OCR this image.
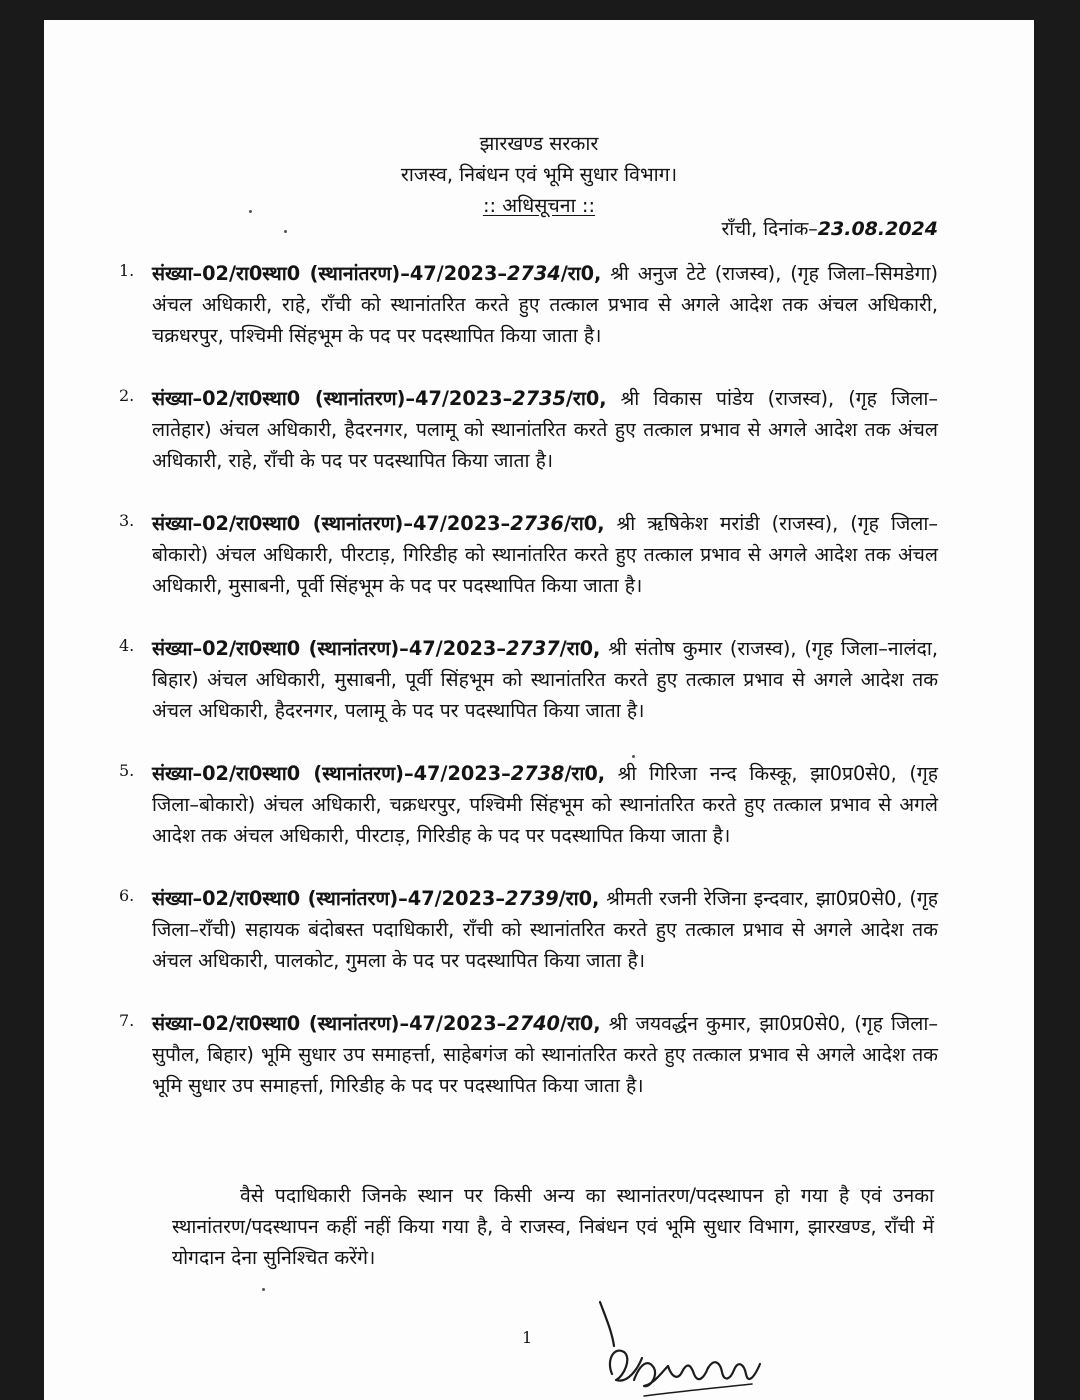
झारखण्ड सरकार
राजस्व, निबंधन एवं भूमि सुधार विभाग।
:: अधिसूचना ::
राँची, दिनांक–23.08.2024
1. संख्या–02/रा0स्था0 (स्थानांतरण)–47/2023–2734/रा0, श्री अनुज टेटे (राजस्व), (गृह जिला–सिमडेगा) अंचल अधिकारी, राहे, राँची को स्थानांतरित करते हुए तत्काल प्रभाव से अगले आदेश तक अंचल अधिकारी, चक्रधरपुर, पश्चिमी सिंहभूम के पद पर पदस्थापित किया जाता है।

2. संख्या–02/रा0स्था0 (स्थानांतरण)–47/2023–2735/रा0, श्री विकास पांडेय (राजस्व), (गृह जिला–लातेहार) अंचल अधिकारी, हैदरनगर, पलामू को स्थानांतरित करते हुए तत्काल प्रभाव से अगले आदेश तक अंचल अधिकारी, राहे, राँची के पद पर पदस्थापित किया जाता है।

3. संख्या–02/रा0स्था0 (स्थानांतरण)–47/2023–2736/रा0, श्री ऋषिकेश मरांडी (राजस्व), (गृह जिला–बोकारो) अंचल अधिकारी, पीरटाड़, गिरिडीह को स्थानांतरित करते हुए तत्काल प्रभाव से अगले आदेश तक अंचल अधिकारी, मुसाबनी, पूर्वी सिंहभूम के पद पर पदस्थापित किया जाता है।

4. संख्या–02/रा0स्था0 (स्थानांतरण)–47/2023–2737/रा0, श्री संतोष कुमार (राजस्व), (गृह जिला–नालंदा, बिहार) अंचल अधिकारी, मुसाबनी, पूर्वी सिंहभूम को स्थानांतरित करते हुए तत्काल प्रभाव से अगले आदेश तक अंचल अधिकारी, हैदरनगर, पलामू के पद पर पदस्थापित किया जाता है।

5. संख्या–02/रा0स्था0 (स्थानांतरण)–47/2023–2738/रा0, श्री गिरिजा नन्द किस्कू, झा0प्र0से0, (गृह जिला–बोकारो) अंचल अधिकारी, चक्रधरपुर, पश्चिमी सिंहभूम को स्थानांतरित करते हुए तत्काल प्रभाव से अगले आदेश तक अंचल अधिकारी, पीरटाड़, गिरिडीह के पद पर पदस्थापित किया जाता है।

6. संख्या–02/रा0स्था0 (स्थानांतरण)–47/2023–2739/रा0, श्रीमती रजनी रेजिना इन्दवार, झा0प्र0से0, (गृह जिला–राँची) सहायक बंदोबस्त पदाधिकारी, राँची को स्थानांतरित करते हुए तत्काल प्रभाव से अगले आदेश तक अंचल अधिकारी, पालकोट, गुमला के पद पर पदस्थापित किया जाता है।

7. संख्या–02/रा0स्था0 (स्थानांतरण)–47/2023–2740/रा0, श्री जयवर्द्धन कुमार, झा0प्र0से0, (गृह जिला–सुपौल, बिहार) भूमि सुधार उप समाहर्त्ता, साहेबगंज को स्थानांतरित करते हुए तत्काल प्रभाव से अगले आदेश तक भूमि सुधार उप समाहर्त्ता, गिरिडीह के पद पर पदस्थापित किया जाता है।

वैसे पदाधिकारी जिनके स्थान पर किसी अन्य का स्थानांतरण/पदस्थापन हो गया है एवं उनका स्थानांतरण/पदस्थापन कहीं नहीं किया गया है, वे राजस्व, निबंधन एवं भूमि सुधार विभाग, झारखण्ड, राँची में योगदान देना सुनिश्चित करेंगे।

1
